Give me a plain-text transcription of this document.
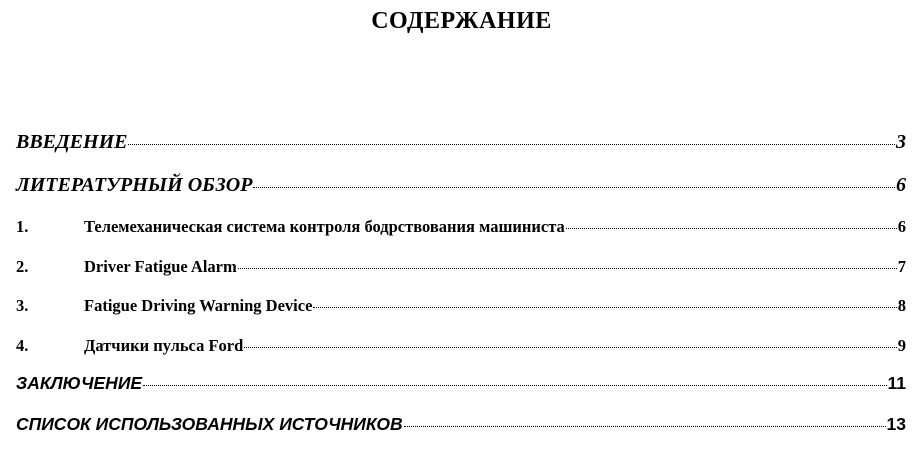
СОДЕРЖАНИЕ
ВВЕДЕНИЕ	3
ЛИТЕРАТУРНЫЙ ОБЗОР	6
1.	Телемеханическая система контроля бодрствования машиниста	6
2.	Driver Fatigue Alarm	7
3.	Fatigue Driving Warning Device	8
4.	Датчики пульса Ford	9
ЗАКЛЮЧЕНИЕ	11
СПИСОК ИСПОЛЬЗОВАННЫХ ИСТОЧНИКОВ	13
